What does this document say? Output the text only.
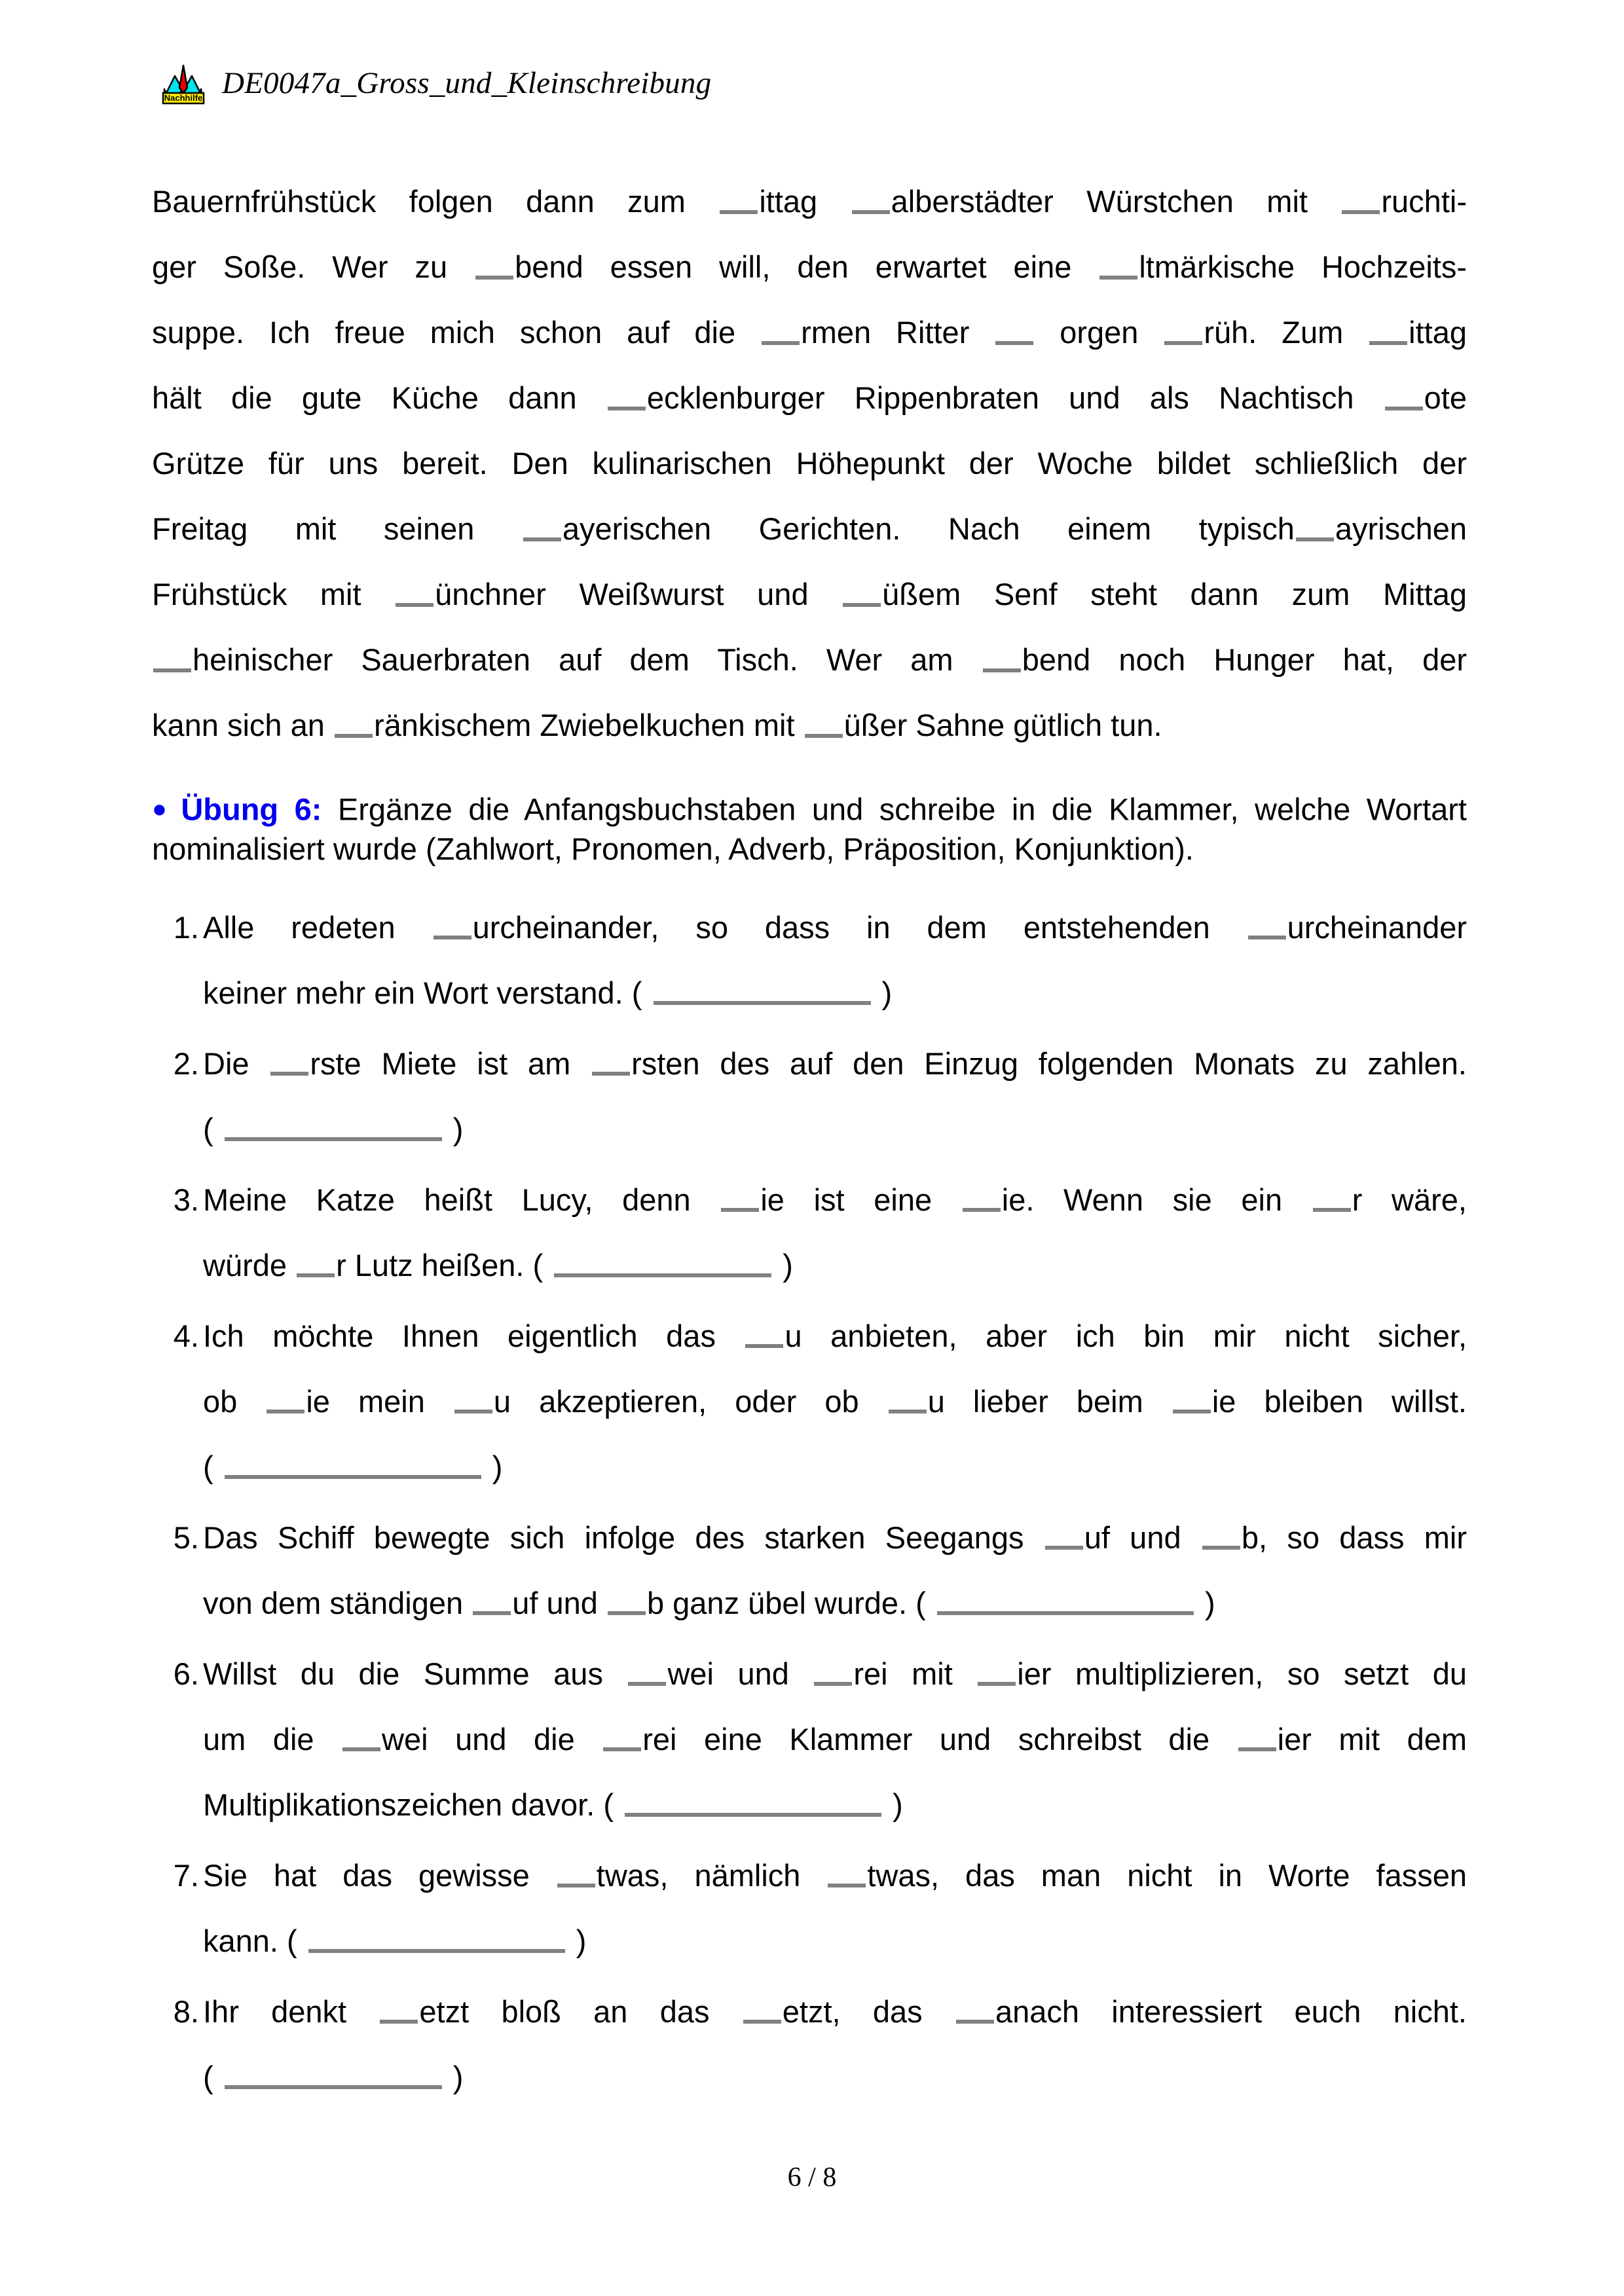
Nachhilfe DE0047a_Gross_und_Kleinschreibung
Bauernfrühstück folgen dann zum ittag alberstädter Würstchen mit ruchti-
ger Soße. Wer zu bend essen will, den erwartet eine ltmärkische Hochzeits-
suppe. Ich freue mich schon auf die rmen Ritter  orgen rüh. Zum ittag
hält die gute Küche dann ecklenburger Rippenbraten und als Nachtisch ote
Grütze für uns bereit. Den kulinarischen Höhepunkt der Woche bildet schließlich der
Freitag mit seinen ayerischen Gerichten. Nach einem typisch ayrischen
Frühstück mit ünchner Weißwurst und üßem Senf steht dann zum Mittag
heinischer Sauerbraten auf dem Tisch. Wer am bend noch Hunger hat, der
kann sich an ränkischem Zwiebelkuchen mit üßer Sahne gütlich tun.
● Übung 6: Ergänze die Anfangsbuchstaben und schreibe in die Klammer, welche Wortart nominalisiert wurde (Zahlwort, Pronomen, Adverb, Präposition, Konjunktion).
1. Alle redeten urcheinander, so dass in dem entstehenden urcheinander
keiner mehr ein Wort verstand. (	)
2. Die rste Miete ist am rsten des auf den Einzug folgenden Monats zu zahlen.
(	)
3. Meine Katze heißt Lucy, denn ie ist eine ie. Wenn sie ein r wäre,
würde r Lutz heißen. (	)
4. Ich möchte Ihnen eigentlich das u anbieten, aber ich bin mir nicht sicher,
ob ie mein u akzeptieren, oder ob u lieber beim ie bleiben willst.
(	)
5. Das Schiff bewegte sich infolge des starken Seegangs uf und b, so dass mir
von dem ständigen uf und b ganz übel wurde. (	)
6. Willst du die Summe aus wei und rei mit ier multiplizieren, so setzt du
um die wei und die rei eine Klammer und schreibst die ier mit dem
Multiplikationszeichen davor. (	)
7. Sie hat das gewisse twas, nämlich twas, das man nicht in Worte fassen
kann. (	)
8. Ihr denkt etzt bloß an das etzt, das anach interessiert euch nicht.
(	)
6 / 8
